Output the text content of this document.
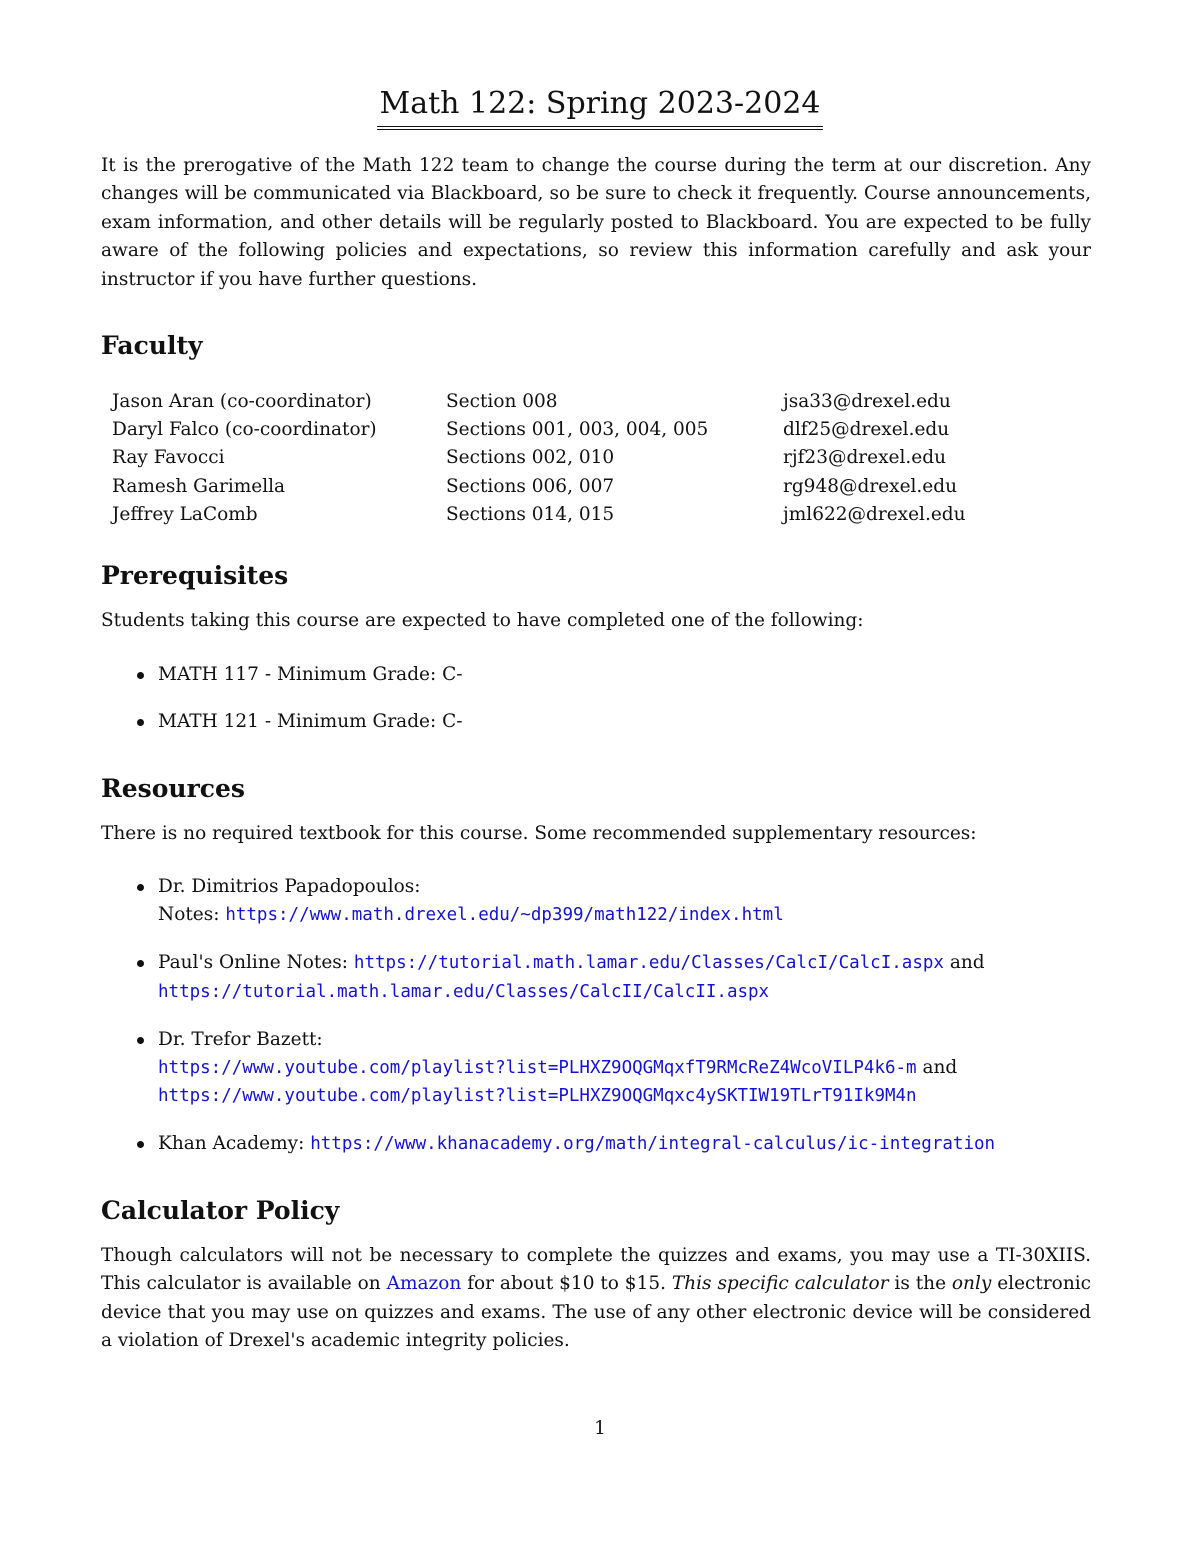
Math 122: Spring 2023-2024

It is the prerogative of the Math 122 team to change the course during the term at our discretion. Any changes will be communicated via Blackboard, so be sure to check it frequently. Course announcements, exam information, and other details will be regularly posted to Blackboard. You are expected to be fully aware of the following policies and expectations, so review this information carefully and ask your instructor if you have further questions.

Faculty
Jason Aran (co-coordinator)	Section 008	jsa33@drexel.edu
Daryl Falco (co-coordinator)	Sections 001, 003, 004, 005	dlf25@drexel.edu
Ray Favocci	Sections 002, 010	rjf23@drexel.edu
Ramesh Garimella	Sections 006, 007	rg948@drexel.edu
Jeffrey LaComb	Sections 014, 015	jml622@drexel.edu
Prerequisites

Students taking this course are expected to have completed one of the following:

MATH 117 - Minimum Grade: C-
MATH 121 - Minimum Grade: C-
Resources

There is no required textbook for this course. Some recommended supplementary resources:

Dr. Dimitrios Papadopoulos:
Notes: https://www.math.drexel.edu/~dp399/math122/index.html
Paul's Online Notes: https://tutorial.math.lamar.edu/Classes/CalcI/CalcI.aspx and
https://tutorial.math.lamar.edu/Classes/CalcII/CalcII.aspx
Dr. Trefor Bazett:
https://www.youtube.com/playlist?list=PLHXZ9OQGMqxfT9RMcReZ4WcoVILP4k6-m and
https://www.youtube.com/playlist?list=PLHXZ9OQGMqxc4ySKTIW19TLrT91Ik9M4n
Khan Academy: https://www.khanacademy.org/math/integral-calculus/ic-integration
Calculator Policy

Though calculators will not be necessary to complete the quizzes and exams, you may use a TI-30XIIS. This calculator is available on Amazon for about $10 to $15. This specific calculator is the only electronic device that you may use on quizzes and exams. The use of any other electronic device will be considered a violation of Drexel's academic integrity policies.

1
